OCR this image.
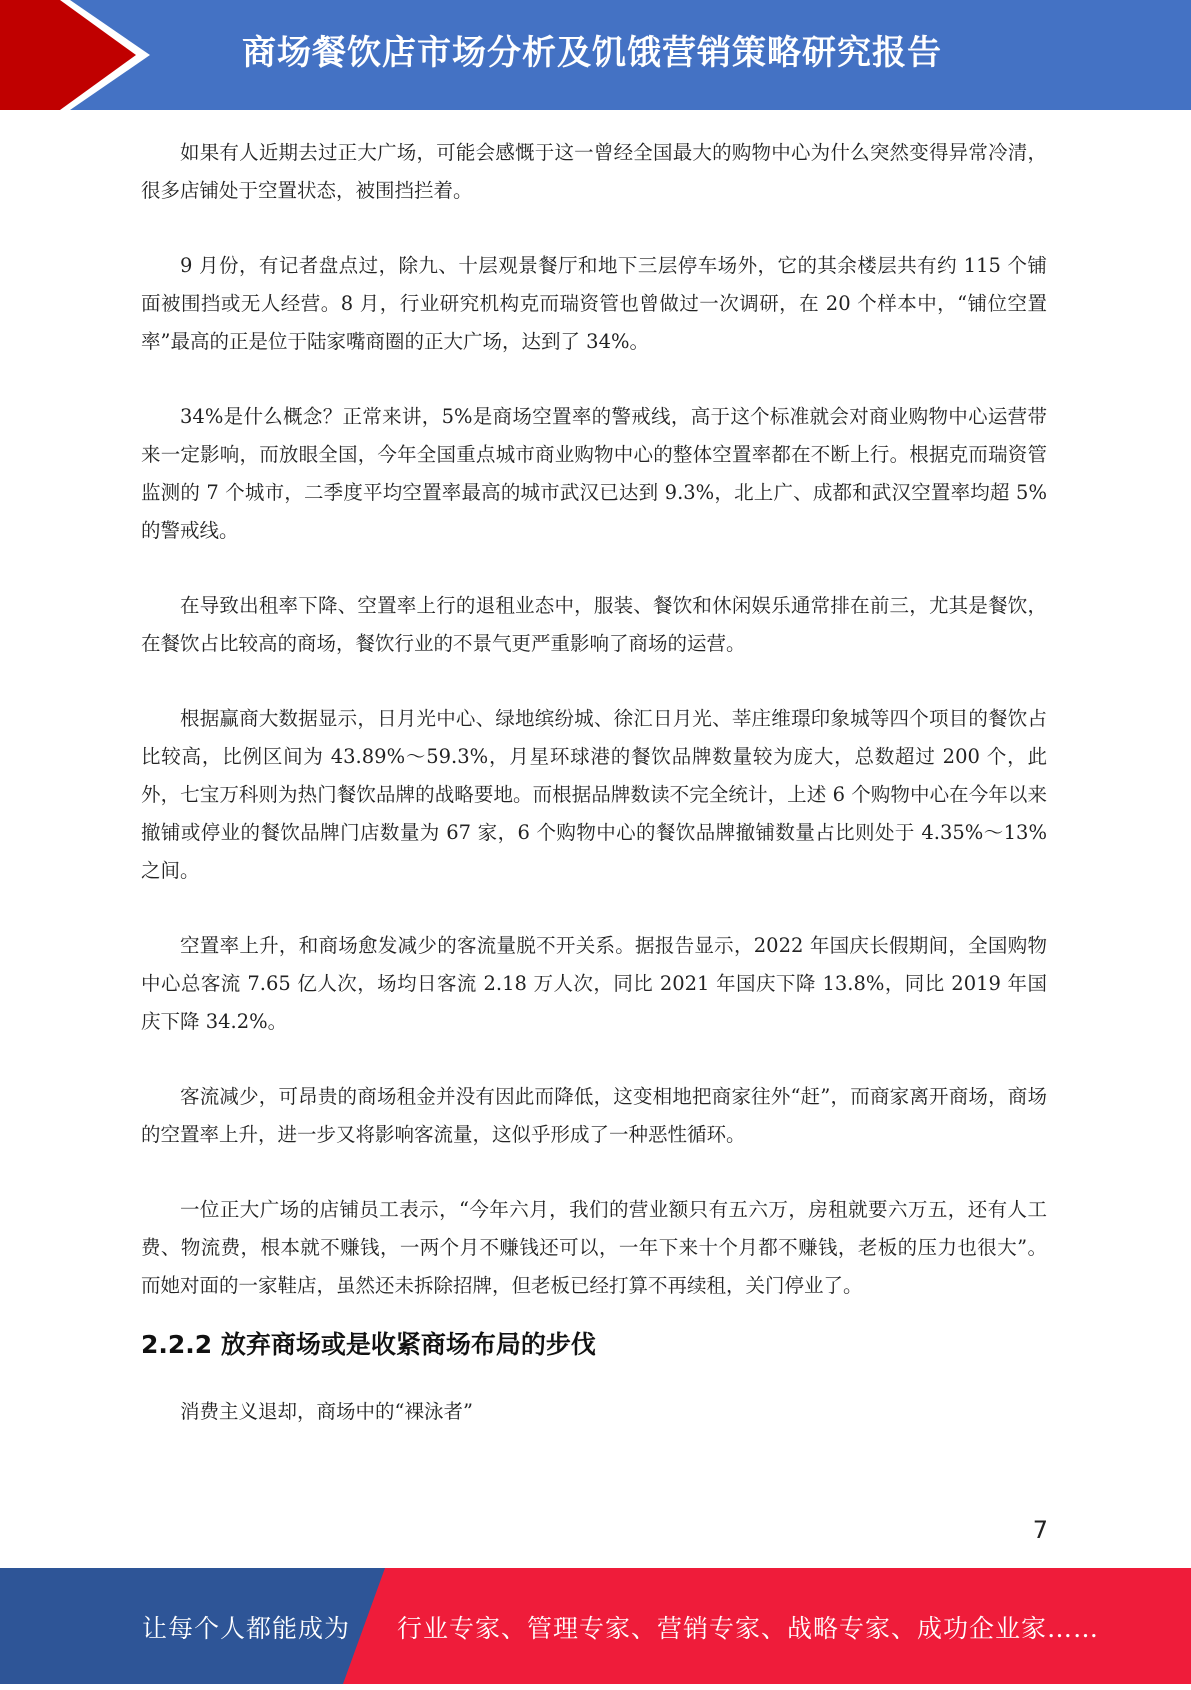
商场餐饮店市场分析及饥饿营销策略研究报告

如果有人近期去过正大广场，可能会感慨于这一曾经全国最大的购物中心为什么突然变得异常冷清，很多店铺处于空置状态，被围挡拦着。

9 月份，有记者盘点过，除九、十层观景餐厅和地下三层停车场外，它的其余楼层共有约 115 个铺面被围挡或无人经营。8 月，行业研究机构克而瑞资管也曾做过一次调研，在 20 个样本中，“铺位空置率”最高的正是位于陆家嘴商圈的正大广场，达到了 34%。

34%是什么概念？正常来讲，5%是商场空置率的警戒线，高于这个标准就会对商业购物中心运营带来一定影响，而放眼全国，今年全国重点城市商业购物中心的整体空置率都在不断上行。根据克而瑞资管监测的 7 个城市，二季度平均空置率最高的城市武汉已达到 9.3%，北上广、成都和武汉空置率均超 5%的警戒线。

在导致出租率下降、空置率上行的退租业态中，服装、餐饮和休闲娱乐通常排在前三，尤其是餐饮，在餐饮占比较高的商场，餐饮行业的不景气更严重影响了商场的运营。

根据赢商大数据显示，日月光中心、绿地缤纷城、徐汇日月光、莘庄维璟印象城等四个项目的餐饮占比较高，比例区间为 43.89%～59.3%，月星环球港的餐饮品牌数量较为庞大，总数超过 200 个，此外，七宝万科则为热门餐饮品牌的战略要地。而根据品牌数读不完全统计，上述 6 个购物中心在今年以来撤铺或停业的餐饮品牌门店数量为 67 家，6 个购物中心的餐饮品牌撤铺数量占比则处于 4.35%～13%之间。

空置率上升，和商场愈发减少的客流量脱不开关系。据报告显示，2022 年国庆长假期间，全国购物中心总客流 7.65 亿人次，场均日客流 2.18 万人次，同比 2021 年国庆下降 13.8%，同比 2019 年国庆下降 34.2%。

客流减少，可昂贵的商场租金并没有因此而降低，这变相地把商家往外“赶”，而商家离开商场，商场的空置率上升，进一步又将影响客流量，这似乎形成了一种恶性循环。

一位正大广场的店铺员工表示，“今年六月，我们的营业额只有五六万，房租就要六万五，还有人工费、物流费，根本就不赚钱，一两个月不赚钱还可以，一年下来十个月都不赚钱，老板的压力也很大”。而她对面的一家鞋店，虽然还未拆除招牌，但老板已经打算不再续租，关门停业了。

2.2.2 放弃商场或是收紧商场布局的步伐

消费主义退却，商场中的“裸泳者”

7
让每个人都能成为 行业专家、管理专家、营销专家、战略专家、成功企业家……
